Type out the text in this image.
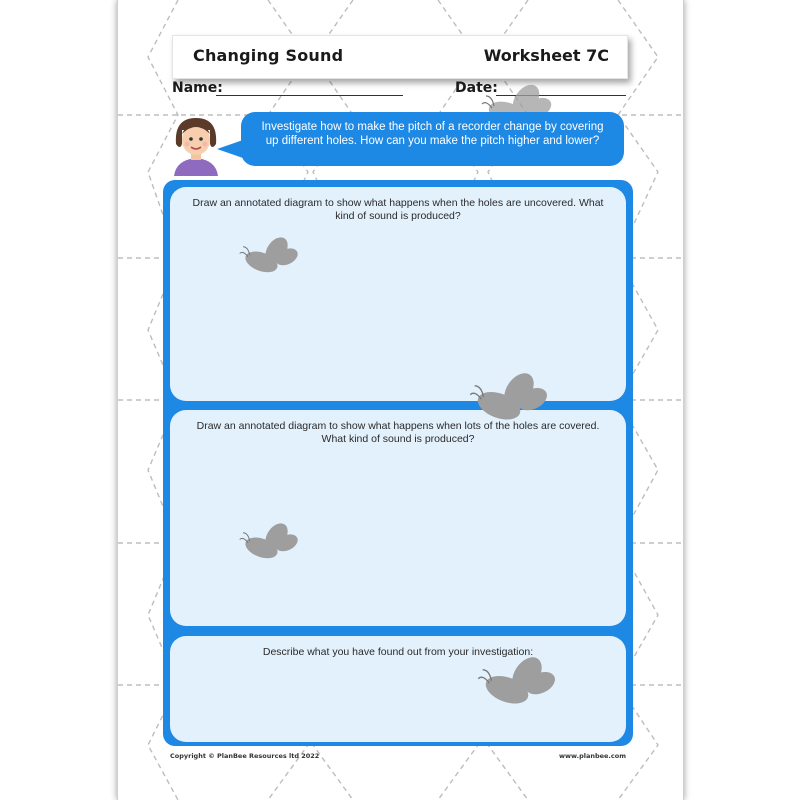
Changing Sound	Worksheet 7C
Name:	Date:
Investigate how to make the pitch of a recorder change by covering up different holes. How can you make the pitch higher and lower?
Draw an annotated diagram to show what happens when the holes are uncovered. What kind of sound is produced?
Draw an annotated diagram to show what happens when lots of the holes are covered. What kind of sound is produced?
Describe what you have found out from your investigation:
Copyright © PlanBee Resources ltd 2022	www.planbee.com
